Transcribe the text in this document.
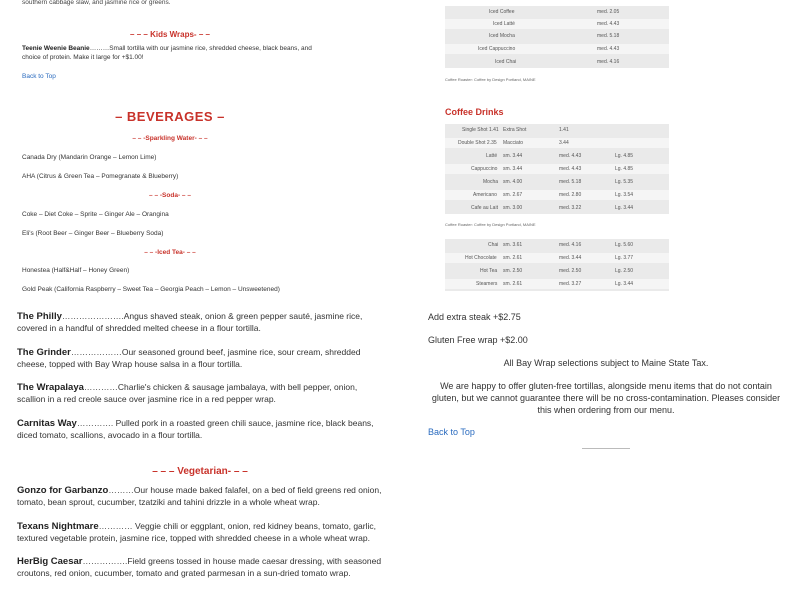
southern cabbage slaw, and jasmine rice or greens.
– – – Kids Wraps- – –
Teenie Weenie Beanie………Small tortilla with our jasmine rice, shredded cheese, black beans, and choice of protein. Make it large for +$1.00!
Back to Top
– BEVERAGES –
– – -Sparkling Water- – –
Canada Dry (Mandarin Orange – Lemon Lime)
AHA (Citrus & Green Tea – Pomegranate & Blueberry)
– – -Soda- – –
Coke – Diet Coke – Sprite – Ginger Ale – Orangina
Eli's (Root Beer – Ginger Beer – Blueberry Soda)
– – -Iced Tea- – –
Honestea (Half&Half – Honey Green)
Gold Peak (California Raspberry – Sweet Tea – Georgia Peach – Lemon – Unsweetened)
The Philly………………….Angus shaved steak, onion & green pepper sauté, jasmine rice, covered in a handful of shredded melted cheese in a flour tortilla.
The Grinder………………Our seasoned ground beef, jasmine rice, sour cream, shredded cheese, topped with Bay Wrap house salsa in a flour tortilla.
The Wrapalaya…………Charlie's chicken & sausage jambalaya, with bell pepper, onion, scallion in a red creole sauce over jasmine rice in a red pepper wrap.
Carnitas Way…………. Pulled pork in a roasted green chili sauce, jasmine rice, black beans, diced tomato, scallions, avocado in a flour tortilla.
– – – Vegetarian- – –
Gonzo for Garbanzo………Our house made baked falafel, on a bed of field greens red onion, tomato, bean sprout, cucumber, tzatziki and tahini drizzle in a whole wheat wrap.
Texans Nightmare………… Veggie chili or eggplant, onion, red kidney beans, tomato, garlic, textured vegetable protein, jasmine rice, topped with shredded cheese in a whole wheat wrap.
HerBig Caesar…………….Field greens tossed in house made caesar dressing, with seasoned croutons, red onion, cucumber, tomato and grated parmesan in a sun-dried tomato wrap.
Iced Coffee	med. 2.05
Iced Latté	med. 4.43
Iced Mocha	med. 5.18
Iced Cappuccino	med. 4.43
Iced Chai	med. 4.16
Coffee Roaster: Coffee by Design Portland, MAINE
Coffee Drinks
Single Shot 1.41 Extra Shot	1.41
Double Shot 2.35 Macciato	3.44
Latté sm. 3.44	med. 4.43	Lg. 4.85
Cappuccino sm. 3.44	med. 4.43	Lg. 4.85
Mocha sm. 4.00	med. 5.18	Lg. 5.35
Americano sm. 2.67	med. 2.80	Lg. 3.54
Cafe au Lait sm. 3.00	med. 3.22	Lg. 3.44
Coffee Roaster: Coffee by Design Portland, MAINE
Chai sm. 3.61	med. 4.16	Lg. 5.60
Hot Chocolate sm. 2.61	med. 3.44	Lg. 3.77
Hot Tea sm. 2.50	med. 2.50	Lg. 2.50
Steamers sm. 2.61	med. 3.27	Lg. 3.44
Add extra steak +$2.75
Gluten Free wrap +$2.00
All Bay Wrap selections subject to Maine State Tax.
We are happy to offer gluten-free tortillas, alongside menu items that do not contain gluten, but we cannot guarantee there will be no cross-contamination. Pleases consider this when ordering from our menu.
Back to Top
